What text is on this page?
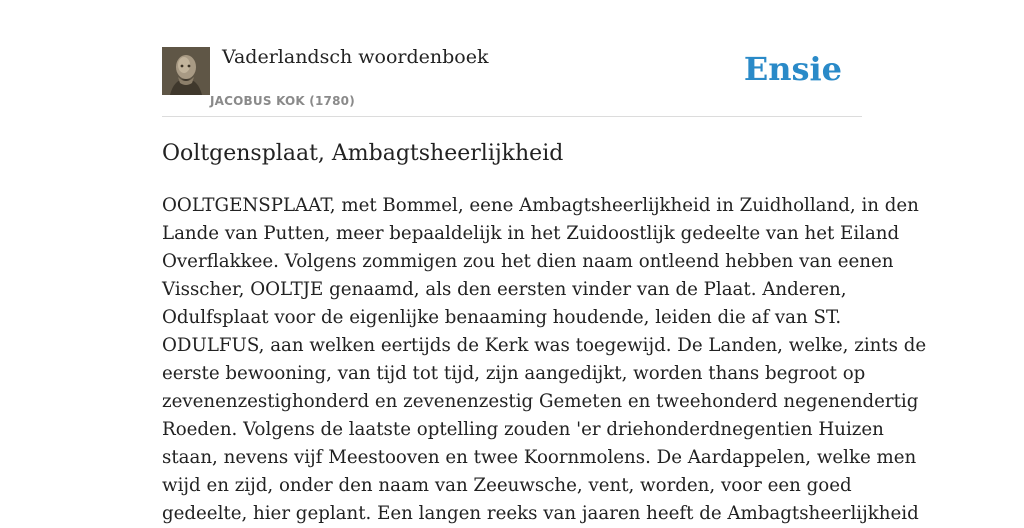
Vaderlandsch woordenboek
JACOBUS KOK (1780)
Ensie
Ooltgensplaat, Ambagtsheerlijkheid
OOLTGENSPLAAT, met Bommel, eene Ambagtsheerlijkheid in Zuidholland, in den
Lande van Putten, meer bepaaldelijk in het Zuidoostlijk gedeelte van het Eiland
Overflakkee. Volgens zommigen zou het dien naam ontleend hebben van eenen
Visscher, OOLTJE genaamd, als den eersten vinder van de Plaat. Anderen,
Odulfsplaat voor de eigenlijke benaaming houdende, leiden die af van ST.
ODULFUS, aan welken eertijds de Kerk was toegewijd. De Landen, welke, zints de
eerste bewooning, van tijd tot tijd, zijn aangedijkt, worden thans begroot op
zevenenzestighonderd en zevenenzestig Gemeten en tweehonderd negenendertig
Roeden. Volgens de laatste optelling zouden 'er driehonderdnegentien Huizen
staan, nevens vijf Meestooven en twee Koornmolens. De Aardappelen, welke men
wijd en zijd, onder den naam van Zeeuwsche, vent, worden, voor een goed
gedeelte, hier geplant. Een langen reeks van jaaren heeft de Ambagtsheerlijkheid
